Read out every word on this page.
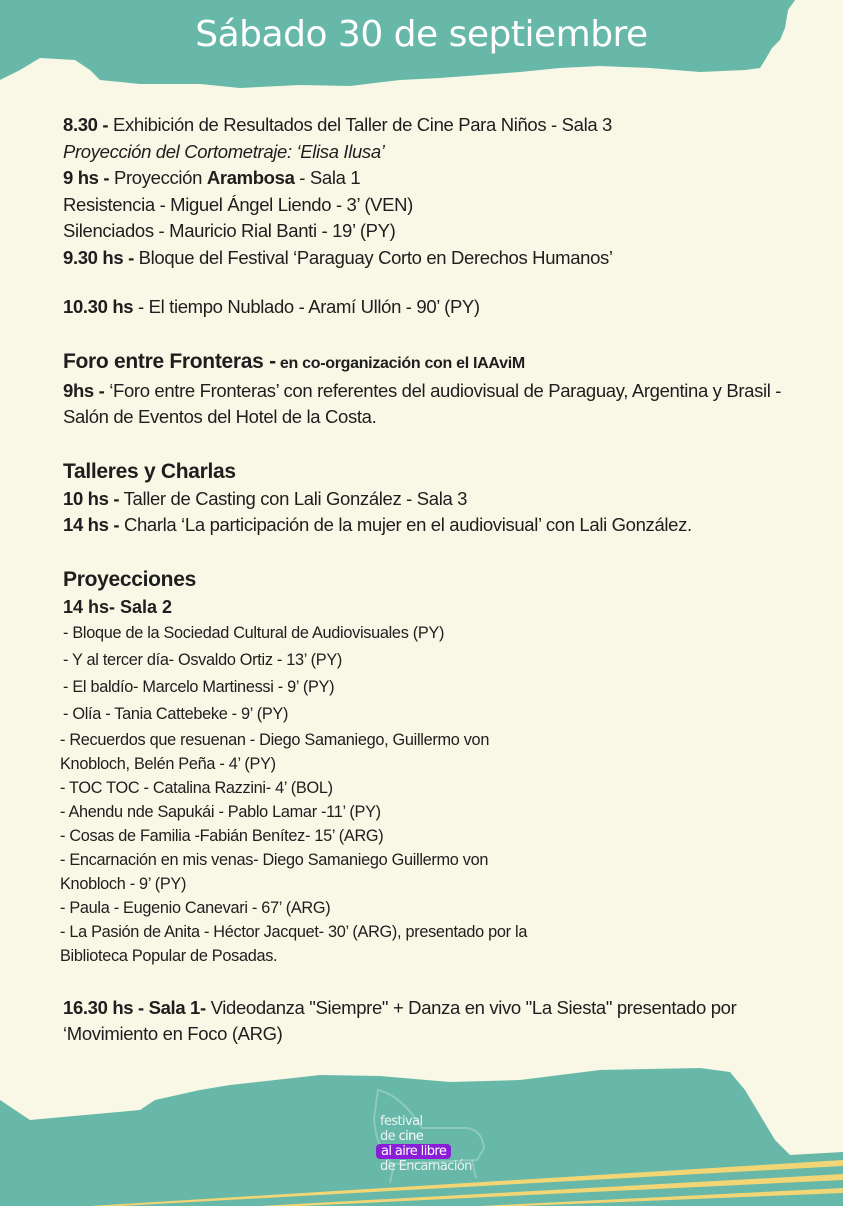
Sábado 30 de septiembre
8.30 - Exhibición de Resultados del Taller de Cine Para Niños - Sala 3
Proyección del Cortometraje: ‘Elisa Ilusa’
9 hs - Proyección Arambosa - Sala 1
Resistencia - Miguel Ángel Liendo - 3’ (VEN)
Silenciados - Mauricio Rial Banti - 19’ (PY)
9.30 hs - Bloque del Festival ‘Paraguay Corto en Derechos Humanos’
10.30 hs - El tiempo Nublado - Aramí Ullón - 90’ (PY)
Foro entre Fronteras - en co-organización con el IAAviM
9hs - ‘Foro entre Fronteras’ con referentes del audiovisual de Paraguay, Argentina y Brasil -
Salón de Eventos del Hotel de la Costa.
Talleres y Charlas
10 hs - Taller de Casting con Lali González - Sala 3
14 hs - Charla ‘La participación de la mujer en el audiovisual’ con Lali González.
Proyecciones
14 hs- Sala 2
- Bloque de la Sociedad Cultural de Audiovisuales (PY)
- Y al tercer día- Osvaldo Ortiz - 13’ (PY)
- El baldío- Marcelo Martinessi - 9’ (PY)
- Olía - Tania Cattebeke - 9’ (PY)
- Recuerdos que resuenan - Diego Samaniego, Guillermo von
Knobloch, Belén Peña - 4’ (PY)
- TOC TOC - Catalina Razzini- 4’ (BOL)
- Ahendu nde Sapukái - Pablo Lamar -11’ (PY)
- Cosas de Familia -Fabián Benítez- 15’ (ARG)
- Encarnación en mis venas- Diego Samaniego Guillermo von
Knobloch - 9’ (PY)
- Paula - Eugenio Canevari - 67’ (ARG)
- La Pasión de Anita - Héctor Jacquet- 30’ (ARG), presentado por la
Biblioteca Popular de Posadas.
16.30 hs - Sala 1- Videodanza "Siempre" + Danza en vivo "La Siesta" presentado por
‘Movimiento en Foco (ARG)
festival
de cine
al aire libre
de Encarnación
